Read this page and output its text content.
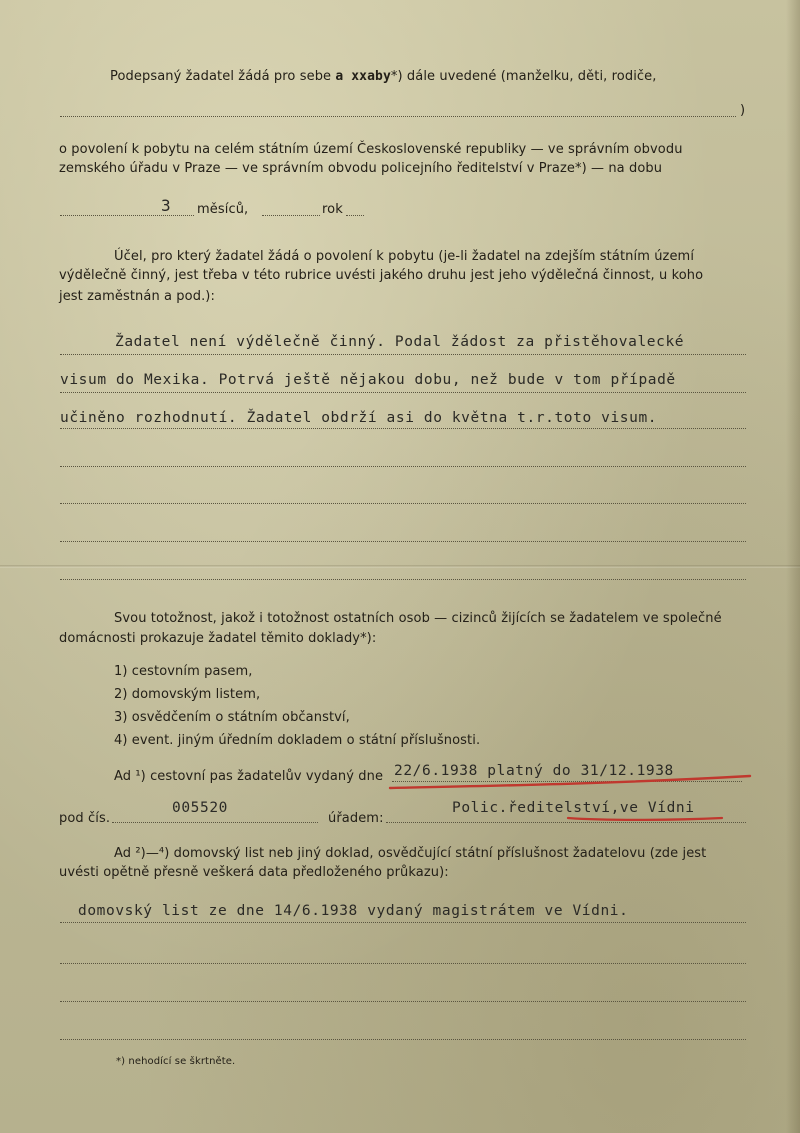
Podepsaný žadatel žádá pro sebe a xxaby*) dále uvedené (manželku, děti, rodiče,
)
o povolení k pobytu na celém státním území Československé republiky — ve správním obvodu
zemského úřadu v Praze — ve správním obvodu policejního ředitelství v Praze*) — na dobu
3 měsíců,	rok
Účel, pro který žadatel žádá o povolení k pobytu (je-li žadatel na zdejším státním území
výdělečně činný, jest třeba v této rubrice uvésti jakého druhu jest jeho výdělečná činnost, u koho
jest zaměstnán a pod.):
Žadatel není výdělečně činný. Podal žádost za přistěhovalecké
visum do Mexika. Potrvá ještě nějakou dobu, než bude v tom případě
učiněno rozhodnutí. Žadatel obdrží asi do května t.r.toto visum.
Svou totožnost, jakož i totožnost ostatních osob — cizinců žijících se žadatelem ve společné
domácnosti prokazuje žadatel těmito doklady*):
1) cestovním pasem,
2) domovským listem,
3) osvědčením o státním občanství,
4) event. jiným úředním dokladem o státní příslušnosti.
Ad ¹) cestovní pas žadatelův vydaný dne 22/6.1938 platný do 31/12.1938
pod čís.
005520
úřadem:
Polic.ředitelství,ve Vídni
Ad ²)—⁴) domovský list neb jiný doklad, osvědčující státní příslušnost žadatelovu (zde jest
uvésti opětně přesně veškerá data předloženého průkazu):
domovský list ze dne 14/6.1938 vydaný magistrátem ve Vídni.
*) nehodící se škrtněte.
